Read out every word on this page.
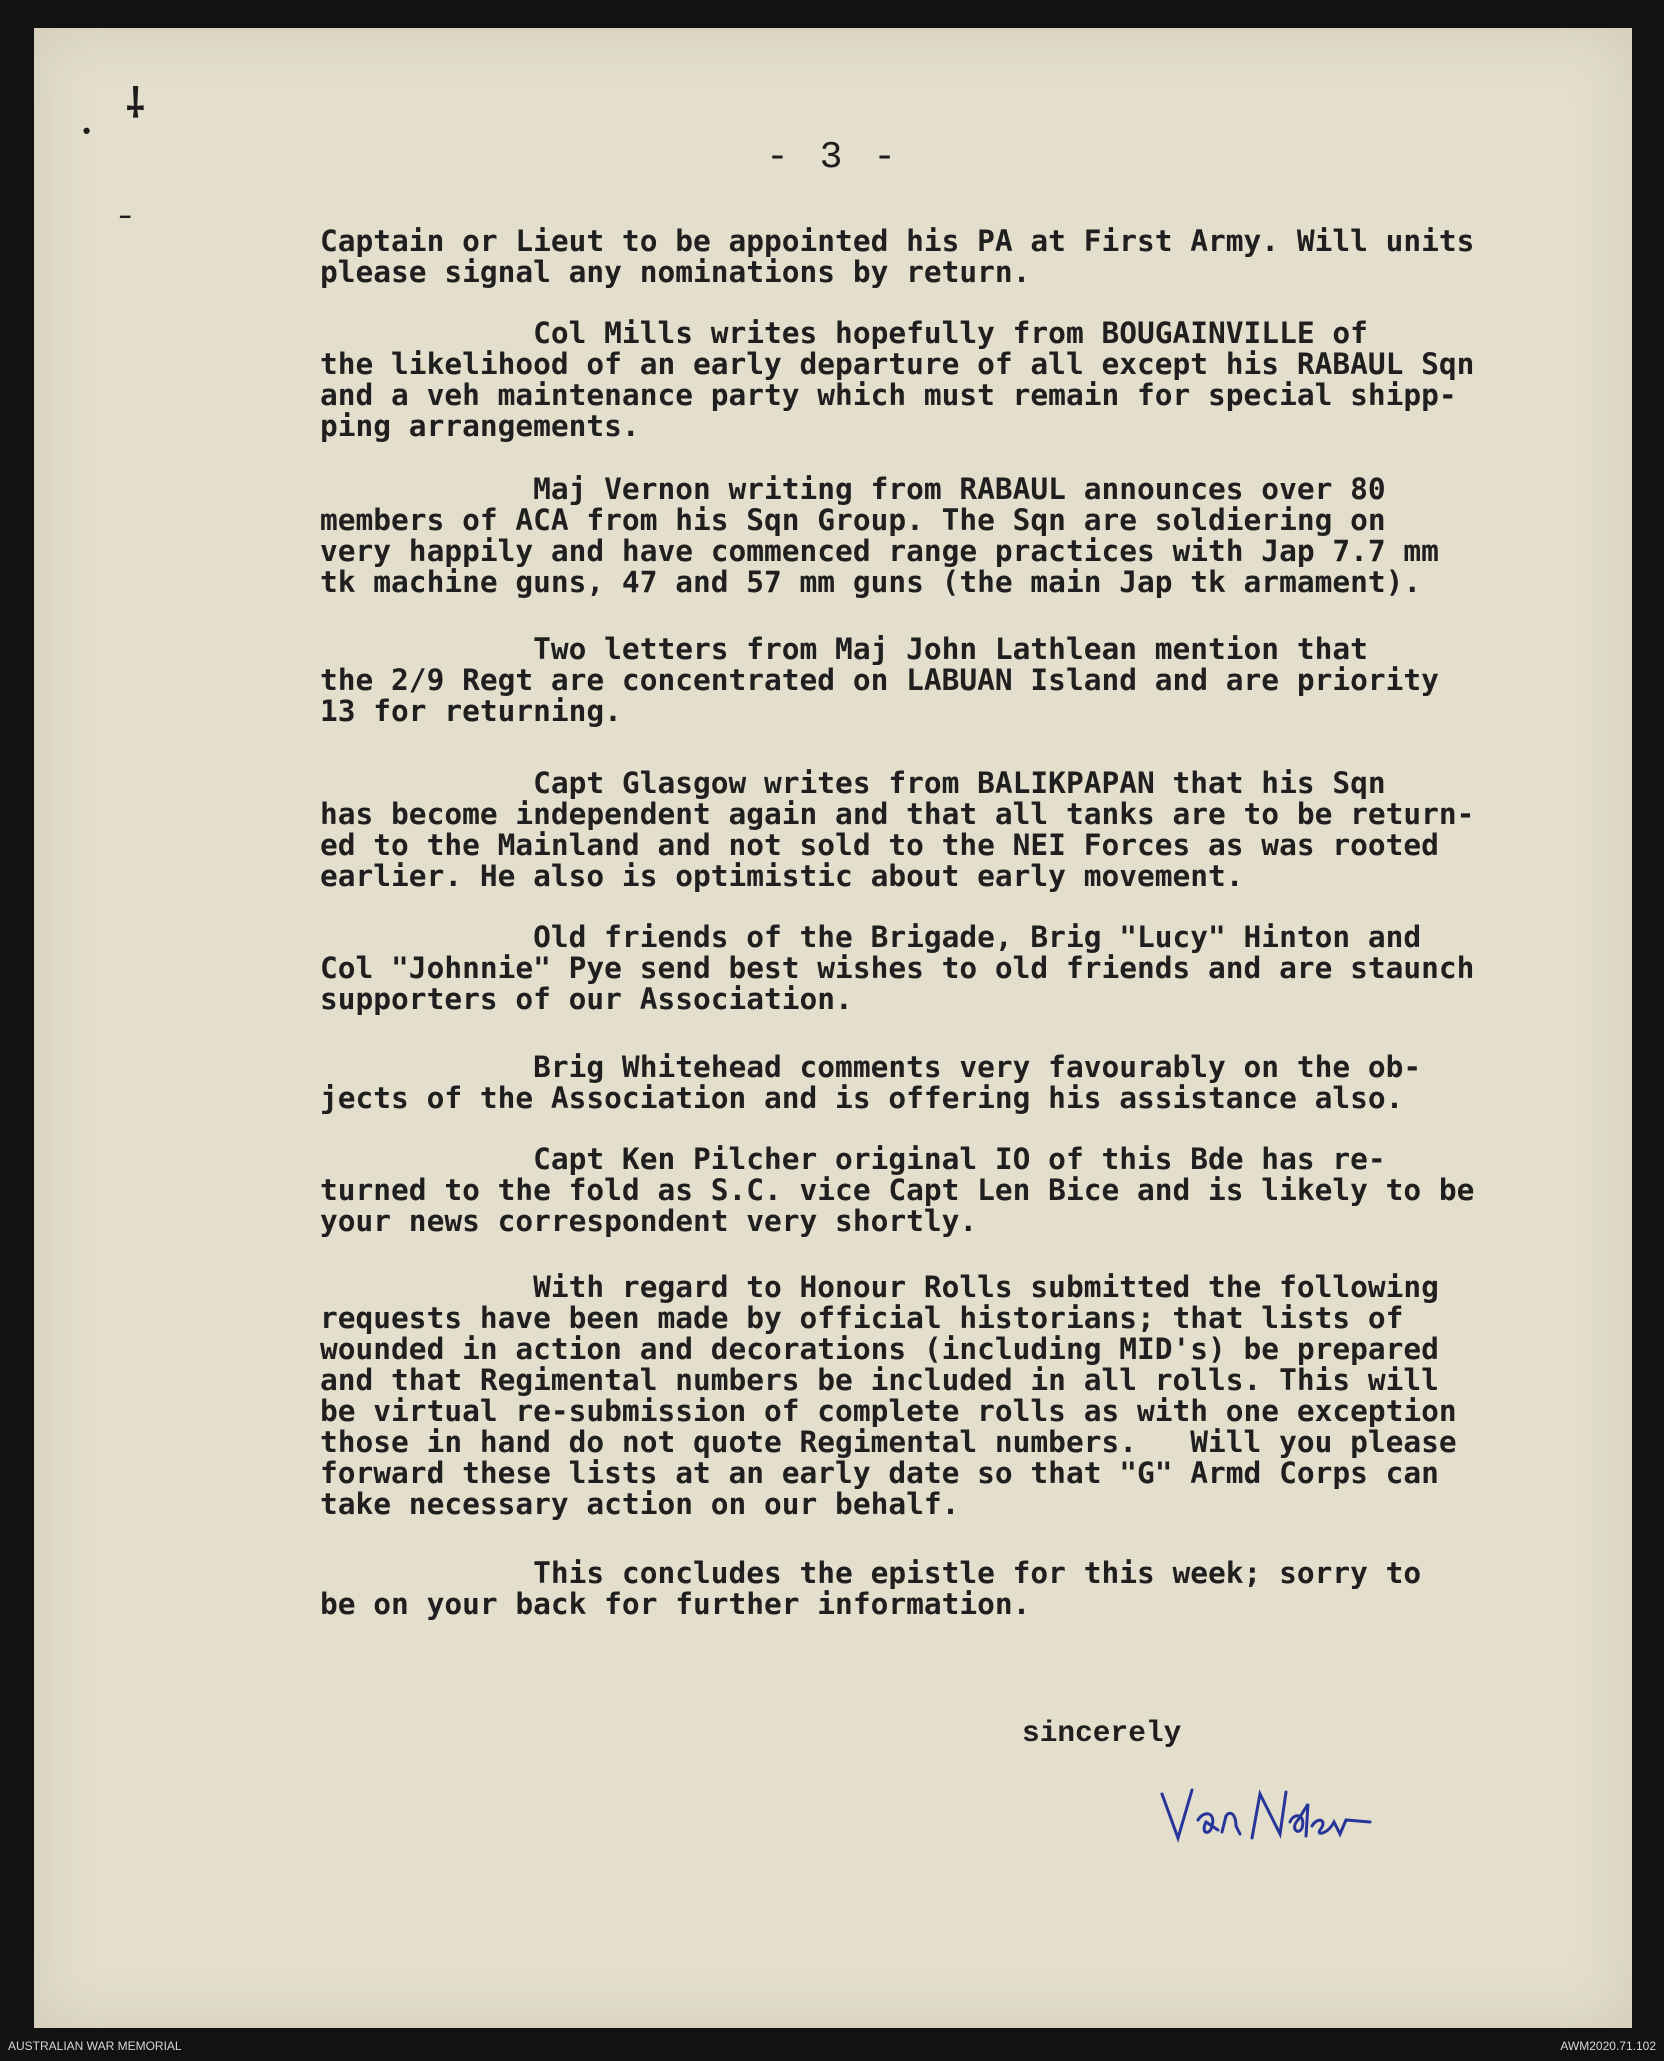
⸸
•
–
- 3 -
Captain or Lieut to be appointed his PA at First Army. Will units
please signal any nominations by return.
Col Mills writes hopefully from BOUGAINVILLE of
the likelihood of an early departure of all except his RABAUL Sqn
and a veh maintenance party which must remain for special shipp-
ping arrangements.
Maj Vernon writing from RABAUL announces over 80
members of ACA from his Sqn Group. The Sqn are soldiering on
very happily and have commenced range practices with Jap 7.7 mm
tk machine guns, 47 and 57 mm guns (the main Jap tk armament).
Two letters from Maj John Lathlean mention that
the 2/9 Regt are concentrated on LABUAN Island and are priority
13 for returning.
Capt Glasgow writes from BALIKPAPAN that his Sqn
has become independent again and that all tanks are to be return-
ed to the Mainland and not sold to the NEI Forces as was rooted
earlier. He also is optimistic about early movement.
Old friends of the Brigade, Brig "Lucy" Hinton and
Col "Johnnie" Pye send best wishes to old friends and are staunch
supporters of our Association.
Brig Whitehead comments very favourably on the ob-
jects of the Association and is offering his assistance also.
Capt Ken Pilcher original IO of this Bde has re-
turned to the fold as S.C. vice Capt Len Bice and is likely to be
your news correspondent very shortly.
With regard to Honour Rolls submitted the following
requests have been made by official historians; that lists of
wounded in action and decorations (including MID's) be prepared
and that Regimental numbers be included in all rolls. This will
be virtual re-submission of complete rolls as with one exception
those in hand do not quote Regimental numbers.   Will you please
forward these lists at an early date so that "G" Armd Corps can
take necessary action on our behalf.
This concludes the epistle for this week; sorry to
be on your back for further information.
sincerely
AUSTRALIAN WAR MEMORIAL	AWM2020.71.102
